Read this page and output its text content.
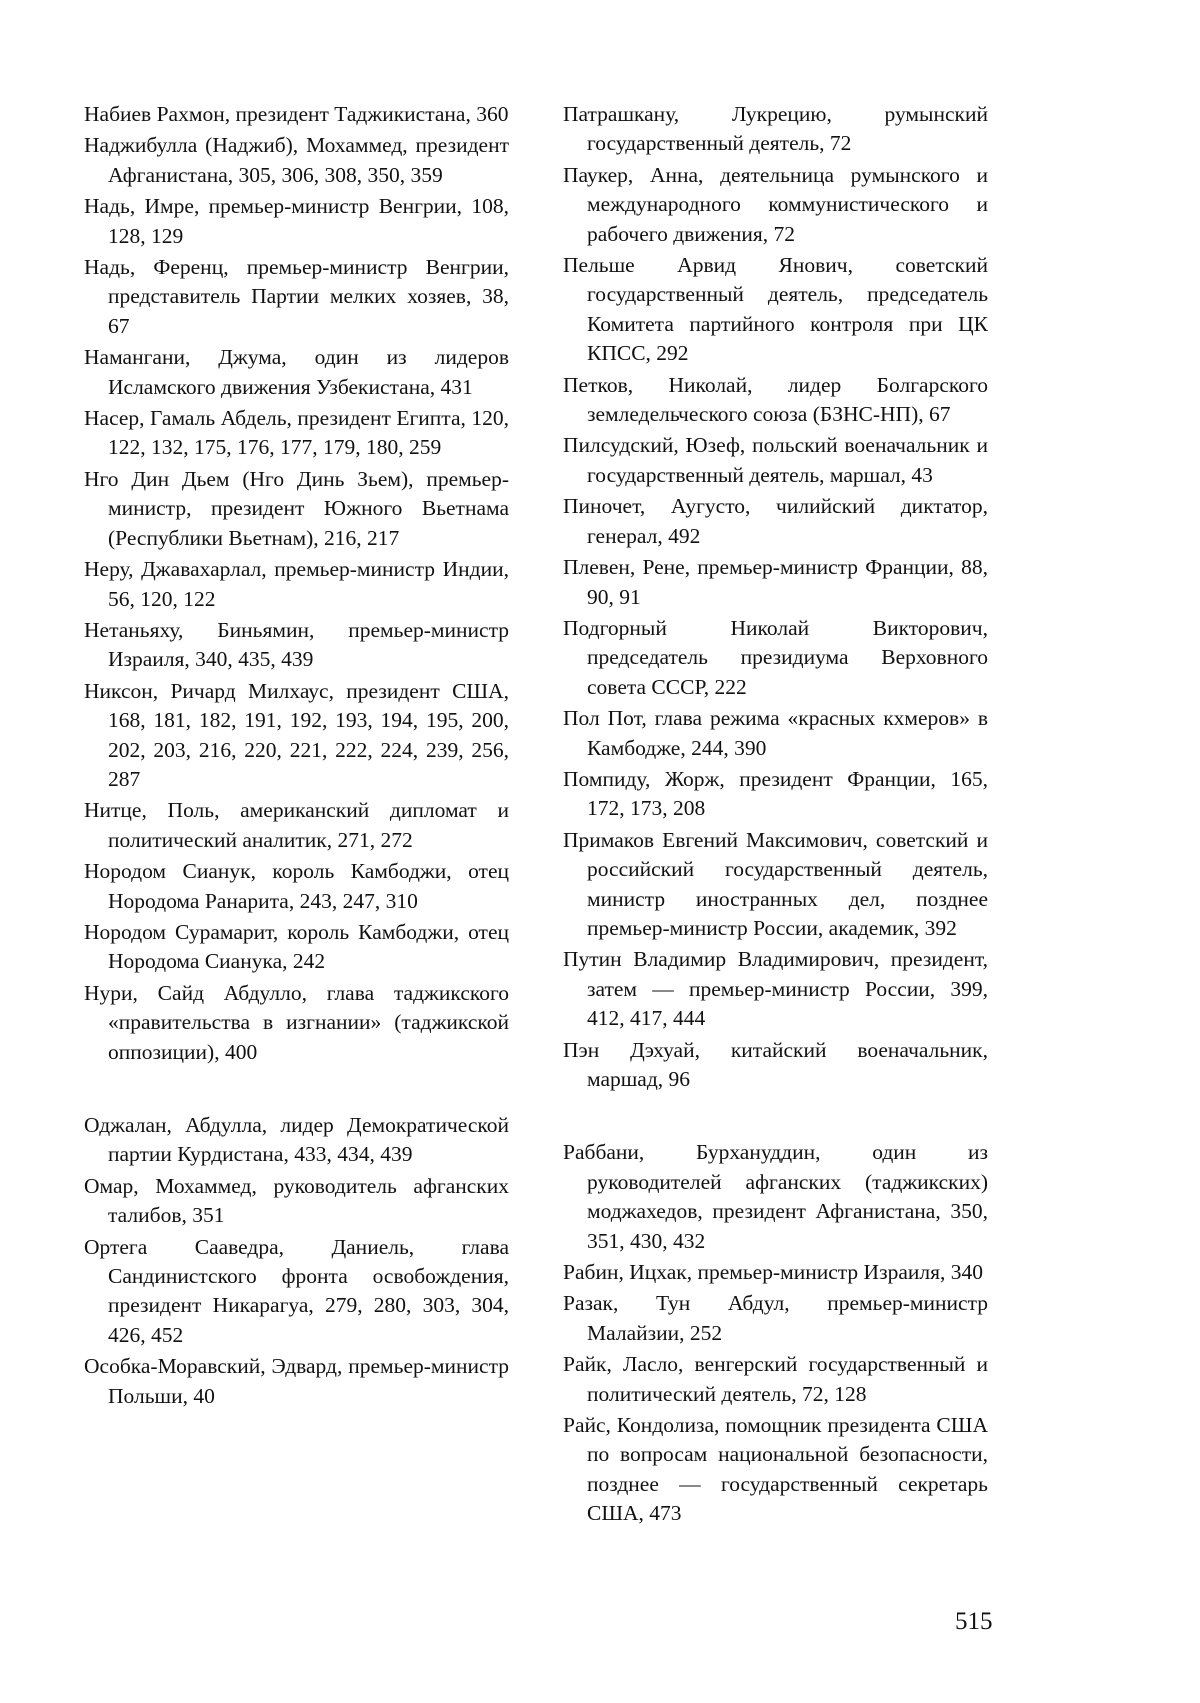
Набиев Рахмон, президент Таджикистана, 360

Наджибулла (Наджиб), Мохаммед, президент Афганистана, 305, 306, 308, 350, 359

Надь, Имре, премьер-министр Венгрии, 108, 128, 129

Надь, Ференц, премьер-министр Венгрии, представитель Партии мелких хозяев, 38, 67

Намангани, Джума, один из лидеров Исламского движения Узбекистана, 431

Насер, Гамаль Абдель, президент Египта, 120, 122, 132, 175, 176, 177, 179, 180, 259

Нго Дин Дьем (Нго Динь Зьем), премьер-министр, президент Южного Вьетнама (Республики Вьетнам), 216, 217

Неру, Джавахарлал, премьер-министр Индии, 56, 120, 122

Нетаньяху, Биньямин, премьер-министр Израиля, 340, 435, 439

Никсон, Ричард Милхаус, президент США, 168, 181, 182, 191, 192, 193, 194, 195, 200, 202, 203, 216, 220, 221, 222, 224, 239, 256, 287

Нитце, Поль, американский дипломат и политический аналитик, 271, 272

Нородом Сианук, король Камбоджи, отец Нородома Ранарита, 243, 247, 310

Нородом Сурамарит, король Камбоджи, отец Нородома Сианука, 242

Нури, Сайд Абдулло, глава таджикского «правительства в изгнании» (таджикской оппозиции), 400

Оджалан, Абдулла, лидер Демократической партии Курдистана, 433, 434, 439

Омар, Мохаммед, руководитель афганских талибов, 351

Ортега Сааведра, Даниель, глава Сандинистского фронта освобождения, президент Никарагуа, 279, 280, 303, 304, 426, 452

Особка-Моравский, Эдвард, премьер-министр Польши, 40

Патрашкану, Лукрецию, румынский государственный деятель, 72

Паукер, Анна, деятельница румынского и международного коммунистического и рабочего движения, 72

Пельше Арвид Янович, советский государственный деятель, председатель Комитета партийного контроля при ЦК КПСС, 292

Петков, Николай, лидер Болгарского земледельческого союза (БЗНС-НП), 67

Пилсудский, Юзеф, польский военачальник и государственный деятель, маршал, 43

Пиночет, Аугусто, чилийский диктатор, генерал, 492

Плевен, Рене, премьер-министр Франции, 88, 90, 91

Подгорный Николай Викторович, председатель президиума Верховного совета СССР, 222

Пол Пот, глава режима «красных кхмеров» в Камбодже, 244, 390

Помпиду, Жорж, президент Франции, 165, 172, 173, 208

Примаков Евгений Максимович, советский и российский государственный деятель, министр иностранных дел, позднее премьер-министр России, академик, 392

Путин Владимир Владимирович, президент, затем — премьер-министр России, 399, 412, 417, 444

Пэн Дэхуай, китайский военачальник, маршад, 96

Раббани, Бурхануддин, один из руководителей афганских (таджикских) моджахедов, президент Афганистана, 350, 351, 430, 432

Рабин, Ицхак, премьер-министр Израиля, 340

Разак, Тун Абдул, премьер-министр Малайзии, 252

Райк, Ласло, венгерский государственный и политический деятель, 72, 128

Райс, Кондолиза, помощник президента США по вопросам национальной безопасности, позднее — государственный секретарь США, 473

515
